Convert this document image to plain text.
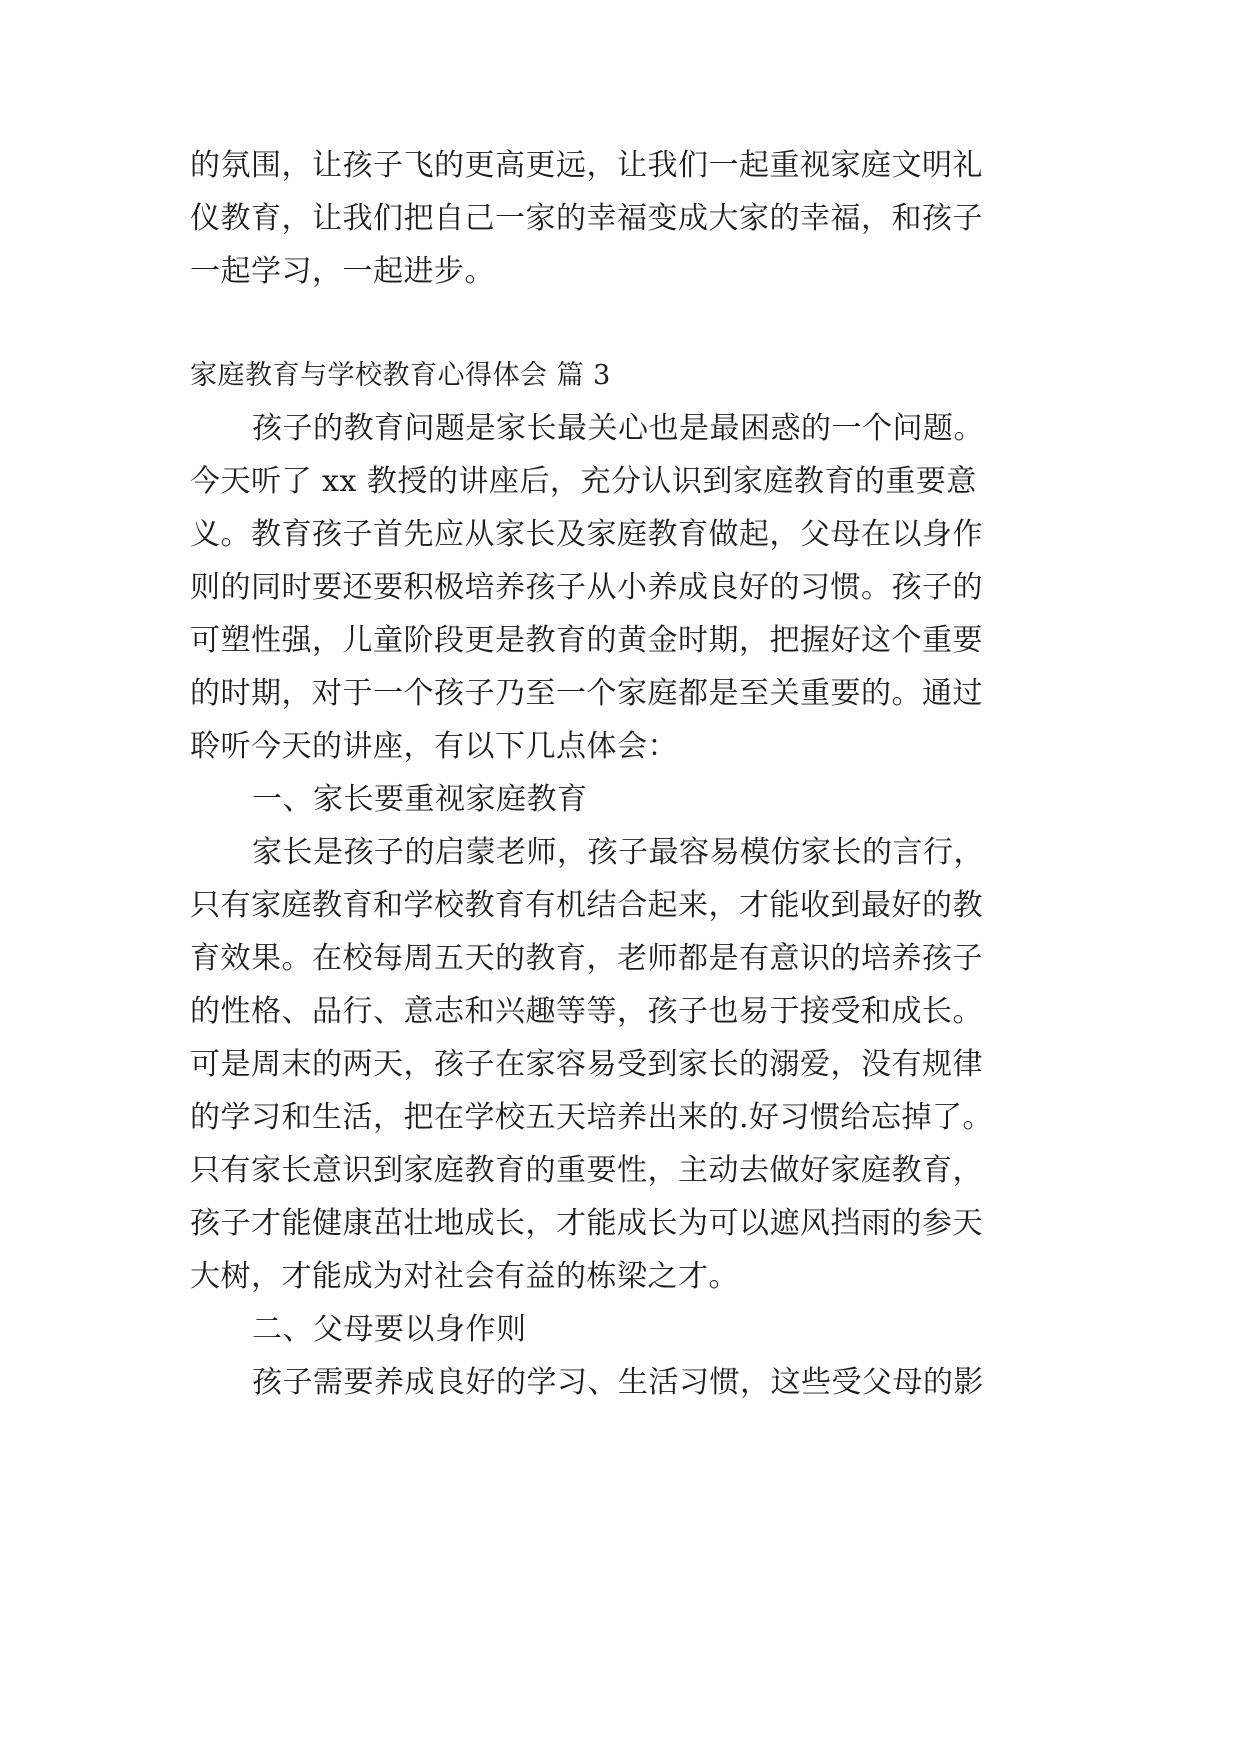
的氛围，让孩子飞的更高更远，让我们一起重视家庭文明礼
仪教育，让我们把自己一家的幸福变成大家的幸福，和孩子
一起学习，一起进步。
家庭教育与学校教育心得体会 篇 3
孩子的教育问题是家长最关心也是最困惑的一个问题。
今天听了 xx 教授的讲座后，充分认识到家庭教育的重要意
义。教育孩子首先应从家长及家庭教育做起，父母在以身作
则的同时要还要积极培养孩子从小养成良好的习惯。孩子的
可塑性强，儿童阶段更是教育的黄金时期，把握好这个重要
的时期，对于一个孩子乃至一个家庭都是至关重要的。通过
聆听今天的讲座，有以下几点体会：
一、家长要重视家庭教育
家长是孩子的启蒙老师，孩子最容易模仿家长的言行，
只有家庭教育和学校教育有机结合起来，才能收到最好的教
育效果。在校每周五天的教育，老师都是有意识的培养孩子
的性格、品行、意志和兴趣等等，孩子也易于接受和成长。
可是周末的两天，孩子在家容易受到家长的溺爱，没有规律
的学习和生活，把在学校五天培养出来的.好习惯给忘掉了。
只有家长意识到家庭教育的重要性，主动去做好家庭教育，
孩子才能健康茁壮地成长，才能成长为可以遮风挡雨的参天
大树，才能成为对社会有益的栋梁之才。
二、父母要以身作则
孩子需要养成良好的学习、生活习惯，这些受父母的影
